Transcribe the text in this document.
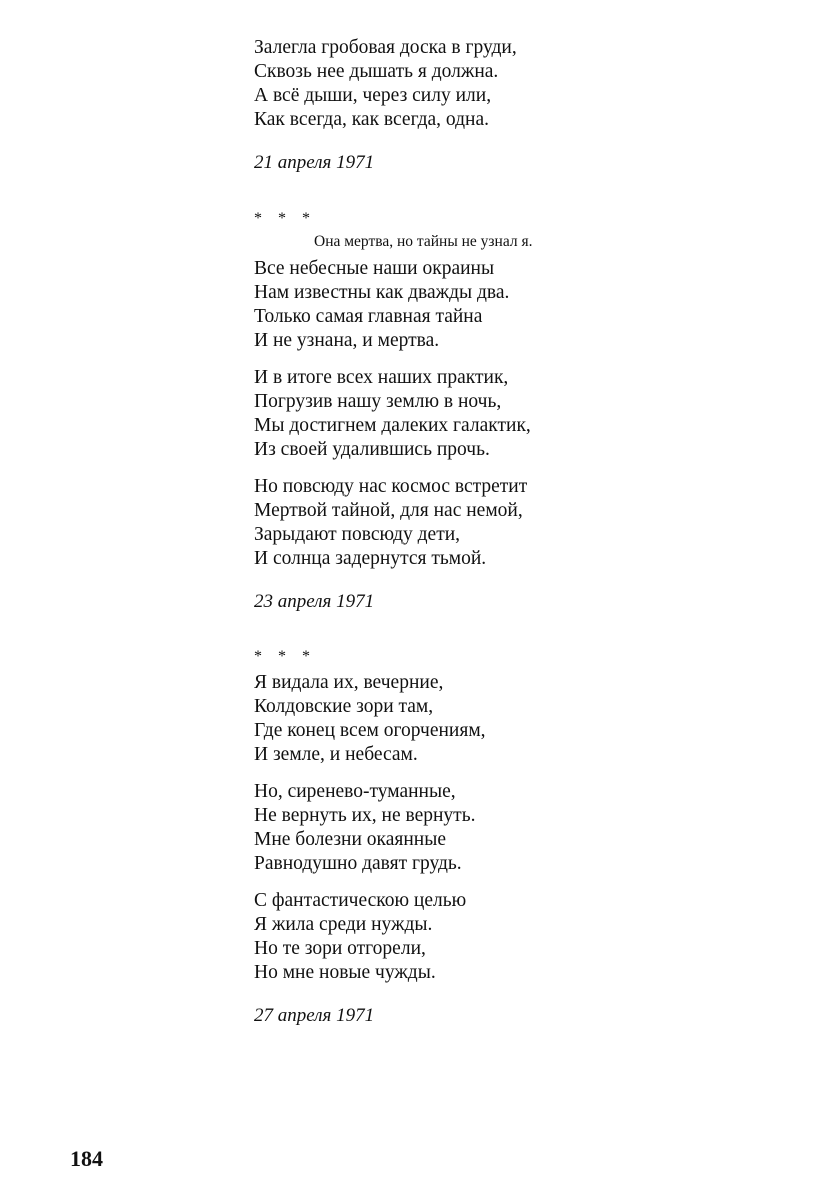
Залегла гробовая доска в груди,
Сквозь нее дышать я должна.
А всё дыши, через силу или,
Как всегда, как всегда, одна.
21 апреля 1971
* * *
Она мертва, но тайны не узнал я.
Все небесные наши окраины
Нам известны как дважды два.
Только самая главная тайна
И не узнана, и мертва.
И в итоге всех наших практик,
Погрузив нашу землю в ночь,
Мы достигнем далеких галактик,
Из своей удалившись прочь.
Но повсюду нас космос встретит
Мертвой тайной, для нас немой,
Зарыдают повсюду дети,
И солнца задернутся тьмой.
23 апреля 1971
* * *
Я видала их, вечерние,
Колдовские зори там,
Где конец всем огорчениям,
И земле, и небесам.
Но, сиренево-туманные,
Не вернуть их, не вернуть.
Мне болезни окаянные
Равнодушно давят грудь.
С фантастическою целью
Я жила среди нужды.
Но те зори отгорели,
Но мне новые чужды.
27 апреля 1971
184
